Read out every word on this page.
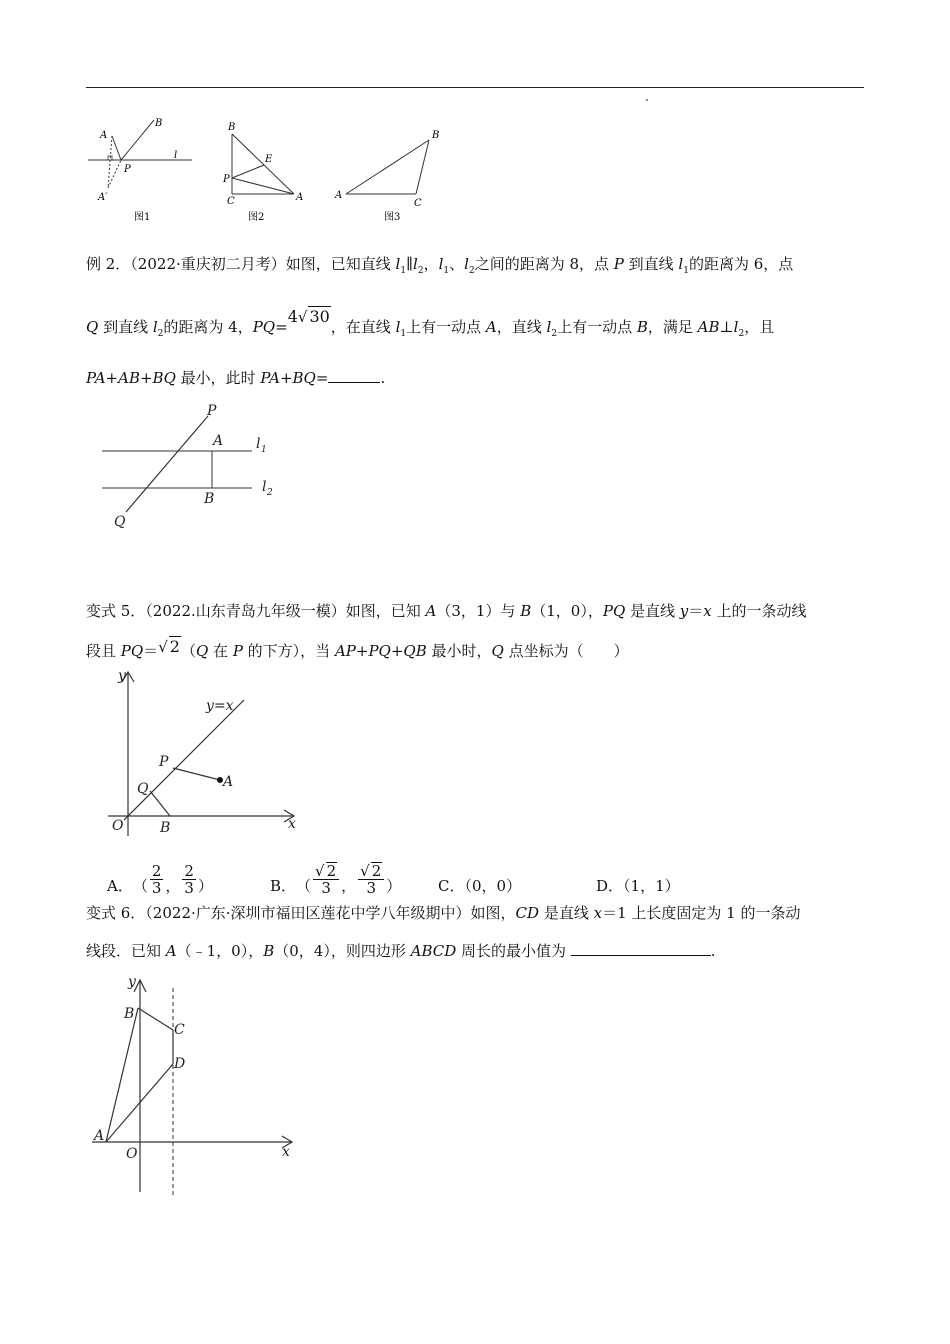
A
B
P
A′
l
图1
B
E
P
C	A
图2
B
A
C
图3
例 2．（2022·重庆初二月考）如图，已知直线 $l_1\parallel l_2$，$l_1$、$l_2$之间的距离为 8，点 P 到直线 $l_1$的距离为 6，点
Q 到直线 $l_2$的距离为 4，PQ=4√ 30，在直线 $l_1$上有一动点 A，直线 $l_2$上有一动点 B，满足 $AB\perp l_2$，且
PA+AB+BQ 最小，此时 PA+BQ=	.
P
A
B
Q
l 1
l 2
变式 5．（2022.山东青岛九年级一模）如图，已知 A（3，1）与 B（1，0），PQ 是直线 y＝x 上的一条动线
段且 PQ＝√ 2（Q 在 P 的下方），当 AP+PQ+QB 最小时，Q 点坐标为（　　）
y
y=x
P
A
Q
O	B	x
A． （ $\frac{2}{3}$ ， $\frac{2}{3}$ ）	B． （ $\frac{√ 2}{3}$ ， $\frac{√ 2}{3}$ ） C．（0，0）	D．（1，1）
变式 6．（2022·广东·深圳市福田区莲花中学八年级期中）如图，CD 是直线 x＝1 上长度固定为 1 的一条动
线段．已知 A（﹣1，0），B（0，4），则四边形 ABCD 周长的最小值为	.
y
B
C
D
A
O	x
